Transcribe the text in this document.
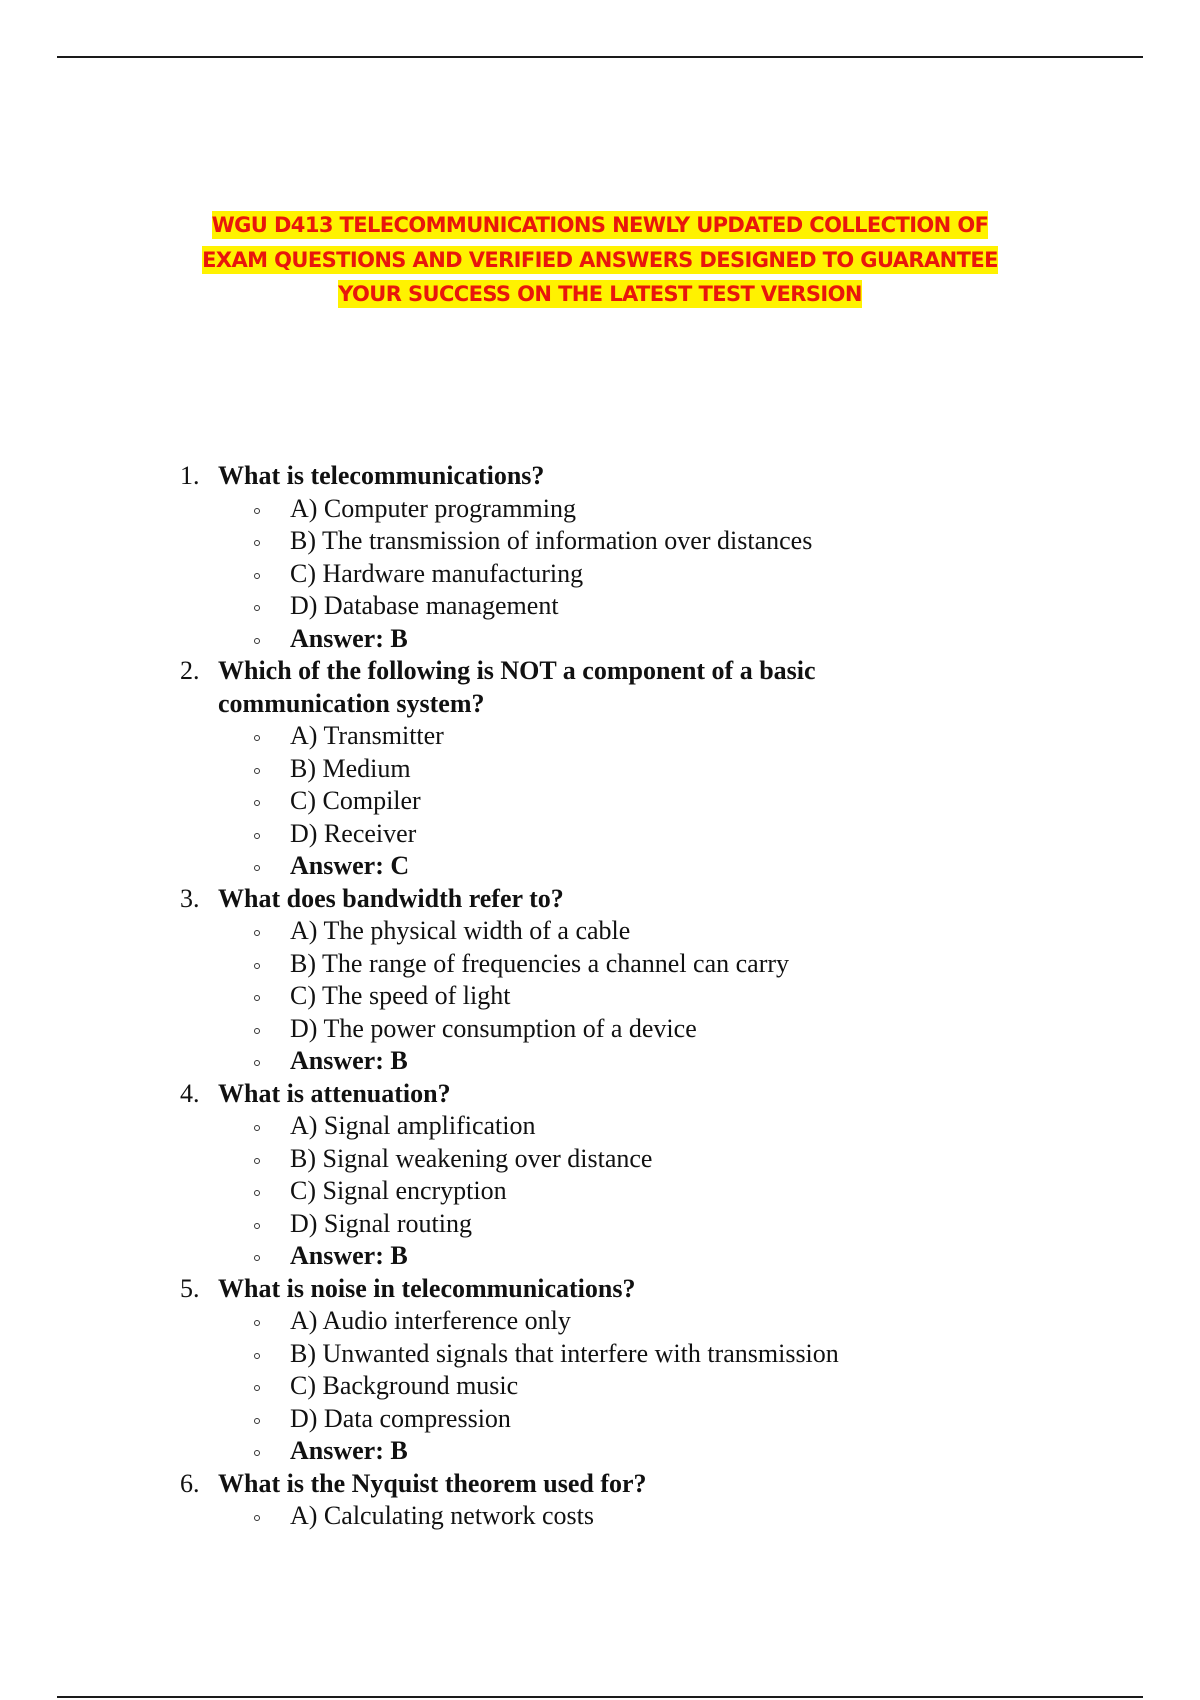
WGU D413 TELECOMMUNICATIONS NEWLY UPDATED COLLECTION OF
EXAM QUESTIONS AND VERIFIED ANSWERS DESIGNED TO GUARANTEE
YOUR SUCCESS ON THE LATEST TEST VERSION
1. What is telecommunications?
A) Computer programming
B) The transmission of information over distances
C) Hardware manufacturing
D) Database management
Answer: B
2. Which of the following is NOT a component of a basic communication system?
A) Transmitter
B) Medium
C) Compiler
D) Receiver
Answer: C
3. What does bandwidth refer to?
A) The physical width of a cable
B) The range of frequencies a channel can carry
C) The speed of light
D) The power consumption of a device
Answer: B
4. What is attenuation?
A) Signal amplification
B) Signal weakening over distance
C) Signal encryption
D) Signal routing
Answer: B
5. What is noise in telecommunications?
A) Audio interference only
B) Unwanted signals that interfere with transmission
C) Background music
D) Data compression
Answer: B
6. What is the Nyquist theorem used for?
A) Calculating network costs
